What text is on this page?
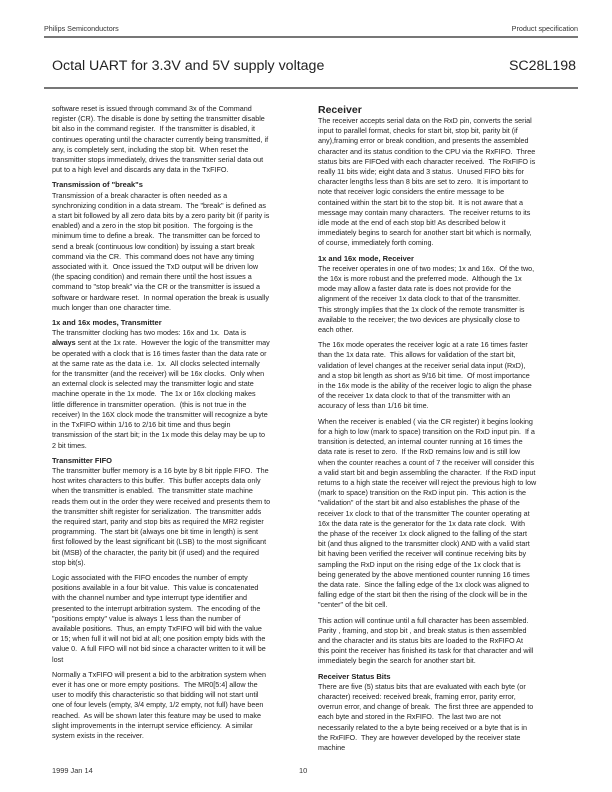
Philips Semiconductors	Product specification
Octal UART for 3.3V and 5V supply voltage	SC28L198

software reset is issued through command 3x of the Command
register (CR). The disable is done by setting the transmitter disable
bit also in the command register.  If the transmitter is disabled, it
continues operating until the character currently being transmitted, if
any, is completely sent, including the stop bit.  When reset the
transmitter stops immediately, drives the transmitter serial data out
put to a high level and discards any data in the TxFIFO.

Transmission of "break"s

Transmission of a break character is often needed as a
synchronizing condition in a data stream.  The "break" is defined as
a start bit followed by all zero data bits by a zero parity bit (if parity is
enabled) and a zero in the stop bit position.  The forgoing is the
minimum time to define a break.  The transmitter can be forced to
send a break (continuous low condition) by issuing a start break
command via the CR.  This command does not have any timing
associated with it.  Once issued the TxD output will be driven low
(the spacing condition) and remain there until the host issues a
command to "stop break" via the CR or the transmitter is issued a
software or hardware reset.  In normal operation the break is usually
much longer than one character time.

1x and 16x modes, Transmitter

The transmitter clocking has two modes: 16x and 1x.  Data is
always sent at the 1x rate.  However the logic of the transmitter may
be operated with a clock that is 16 times faster than the data rate or
at the same rate as the data i.e.  1x.  All clocks selected internally
for the transmitter (and the receiver) will be 16x clocks.  Only when
an external clock is selected may the transmitter logic and state
machine operate in the 1x mode.  The 1x or 16x clocking makes
little difference in transmitter operation.  (this is not true in the
receiver) In the 16X clock mode the transmitter will recognize a byte
in the TxFIFO within 1/16 to 2/16 bit time and thus begin
transmission of the start bit; in the 1x mode this delay may be up to
2 bit times.

Transmitter FIFO

The transmitter buffer memory is a 16 byte by 8 bit ripple FIFO.  The
host writes characters to this buffer.  This buffer accepts data only
when the transmitter is enabled.  The transmitter state machine
reads them out in the order they were received and presents them to
the transmitter shift register for serialization.  The transmitter adds
the required start, parity and stop bits as required the MR2 register
programming.  The start bit (always one bit time in length) is sent
first followed by the least significant bit (LSB) to the most significant
bit (MSB) of the character, the parity bit (if used) and the required
stop bit(s).

Logic associated with the FIFO encodes the number of empty
positions available in a four bit value.  This value is concatenated
with the channel number and type interrupt type identifier and
presented to the interrupt arbitration system.  The encoding of the
"positions empty" value is always 1 less than the number of
available positions.  Thus, an empty TxFIFO will bid with the value
or 15; when full it will not bid at all; one position empty bids with the
value 0.  A full FIFO will not bid since a character written to it will be
lost

Normally a TxFIFO will present a bid to the arbitration system when
ever it has one or more empty positions.  The MR0[5:4] allow the
user to modify this characteristic so that bidding will not start until
one of four levels (empty, 3/4 empty, 1/2 empty, not full) have been
reached.  As will be shown later this feature may be used to make
slight improvements in the interrupt service efficiency.  A similar
system exists in the receiver.

Receiver

The receiver accepts serial data on the RxD pin, converts the serial
input to parallel format, checks for start bit, stop bit, parity bit (if
any),framing error or break condition, and presents the assembled
character and its status condition to the CPU via the RxFIFO.  Three
status bits are FIFOed with each character received.  The RxFIFO is
really 11 bits wide; eight data and 3 status.  Unused FIFO bits for
character lengths less than 8 bits are set to zero.  It is important to
note that receiver logic considers the entire message to be
contained within the start bit to the stop bit.  It is not aware that a
message may contain many characters.  The receiver returns to its
idle mode at the end of each stop bit! As described below it
immediately begins to search for another start bit which is normally,
of course, immediately forth coming.

1x and 16x mode, Receiver

The receiver operates in one of two modes; 1x and 16x.  Of the two,
the 16x is more robust and the preferred mode.  Although the 1x
mode may allow a faster data rate is does not provide for the
alignment of the receiver 1x data clock to that of the transmitter.
This strongly implies that the 1x clock of the remote transmitter is
available to the receiver; the two devices are physically close to
each other.

The 16x mode operates the receiver logic at a rate 16 times faster
than the 1x data rate.  This allows for validation of the start bit,
validation of level changes at the receiver serial data input (RxD),
and a stop bit length as short as 9/16 bit time.  Of most importance
in the 16x mode is the ability of the receiver logic to align the phase
of the receiver 1x data clock to that of the transmitter with an
accuracy of less than 1/16 bit time.

When the receiver is enabled ( via the CR register) it begins looking
for a high to low (mark to space) transition on the RxD input pin.  If a
transition is detected, an internal counter running at 16 times the
data rate is reset to zero.  If the RxD remains low and is still low
when the counter reaches a count of 7 the receiver will consider this
a valid start bit and begin assembling the character.  If the RxD input
returns to a high state the receiver will reject the previous high to low
(mark to space) transition on the RxD input pin.  This action is the
"validation" of the start bit and also establishes the phase of the
receiver 1x clock to that of the transmitter The counter operating at
16x the data rate is the generator for the 1x data rate clock.  With
the phase of the receiver 1x clock aligned to the falling of the start
bit (and thus aligned to the transmitter clock) AND with a valid start
bit having been verified the receiver will continue receiving bits by
sampling the RxD input on the rising edge of the 1x clock that is
being generated by the above mentioned counter running 16 times
the data rate.  Since the falling edge of the 1x clock was aligned to
falling edge of the start bit then the rising of the clock will be in the
"center" of the bit cell.

This action will continue until a full character has been assembled.
Parity , framing, and stop bit , and break status is then assembled
and the character and its status bits are loaded to the RxFIFO At
this point the receiver has finished its task for that character and will
immediately begin the search for another start bit.

Receiver Status Bits

There are five (5) status bits that are evaluated with each byte (or
character) received: received break, framing error, parity error,
overrun error, and change of break.  The first three are appended to
each byte and stored in the RxFIFO.  The last two are not
necessarily related to the a byte being received or a byte that is in
the RxFIFO.  They are however developed by the receiver state
machine

1999 Jan 14	10
